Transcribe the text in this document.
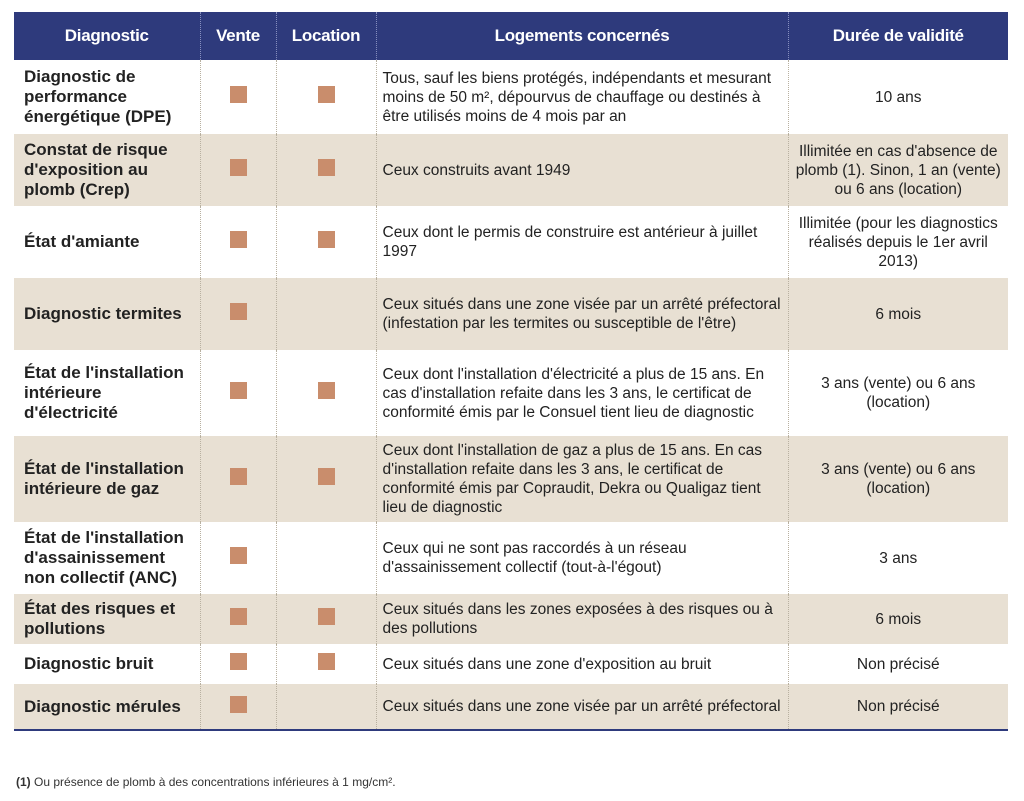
Diagnostic	Vente	Location	Logements concernés	Durée de validité
Diagnostic de performance énergétique (DPE)			Tous, sauf les biens protégés, indépendants et mesurant moins de 50 m², dépourvus de chauffage ou destinés à être utilisés moins de 4 mois par an	10 ans
Constat de risque d'exposition au plomb (Crep)			Ceux construits avant 1949	Illimitée en cas d'absence de plomb (1). Sinon, 1 an (vente) ou 6 ans (location)
État d'amiante			Ceux dont le permis de construire est antérieur à juillet 1997	Illimitée (pour les diagnostics réalisés depuis le 1er avril 2013)
Diagnostic termites			Ceux situés dans une zone visée par un arrêté préfectoral (infestation par les termites ou susceptible de l'être)	6 mois
État de l'installation intérieure d'électricité			Ceux dont l'installation d'électricité a plus de 15 ans. En cas d'installation refaite dans les 3 ans, le certificat de conformité émis par le Consuel tient lieu de diagnostic	3 ans (vente) ou 6 ans (location)
État de l'installation intérieure de gaz			Ceux dont l'installation de gaz a plus de 15 ans. En cas d'installation refaite dans les 3 ans, le certificat de conformité émis par Copraudit, Dekra ou Qualigaz tient lieu de diagnostic	3 ans (vente) ou 6 ans (location)
État de l'installation d'assainissement non collectif (ANC)			Ceux qui ne sont pas raccordés à un réseau d'assainissement collectif (tout-à-l'égout)	3 ans
État des risques et pollutions			Ceux situés dans les zones exposées à des risques ou à des pollutions	6 mois
Diagnostic bruit			Ceux situés dans une zone d'exposition au bruit	Non précisé
Diagnostic mérules			Ceux situés dans une zone visée par un arrêté préfectoral	Non précisé
(1) Ou présence de plomb à des concentrations inférieures à 1 mg/cm².
